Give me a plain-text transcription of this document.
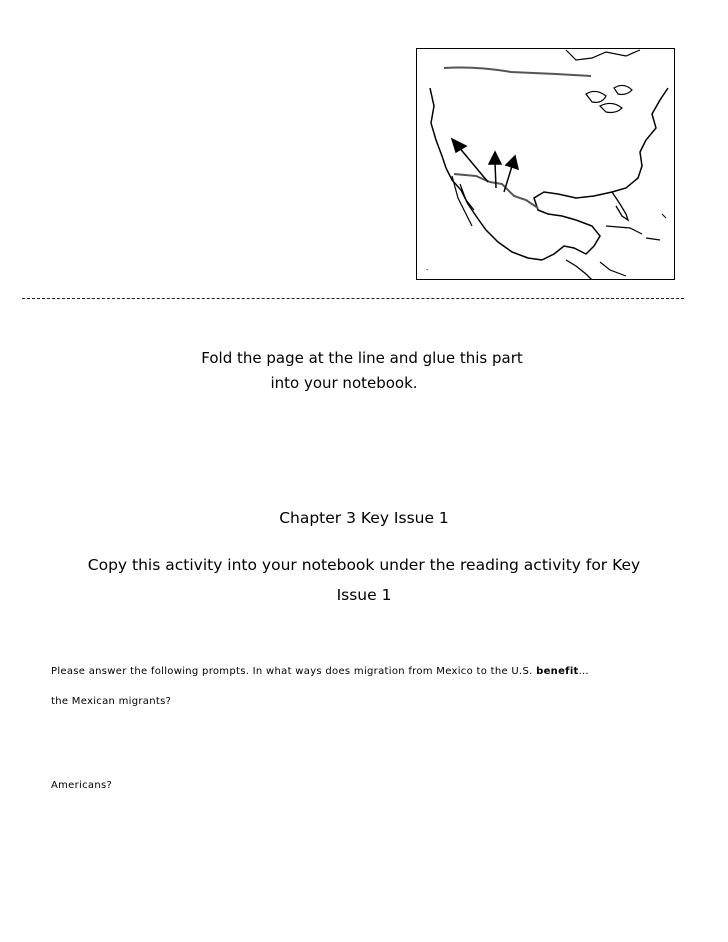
-
Fold the page at the line and glue this part
into your notebook.
Chapter 3 Key Issue 1
Copy this activity into your notebook under the reading activity for Key
Issue 1
Please answer the following prompts. In what ways does migration from Mexico to the U.S. benefit…
the Mexican migrants?
Americans?
